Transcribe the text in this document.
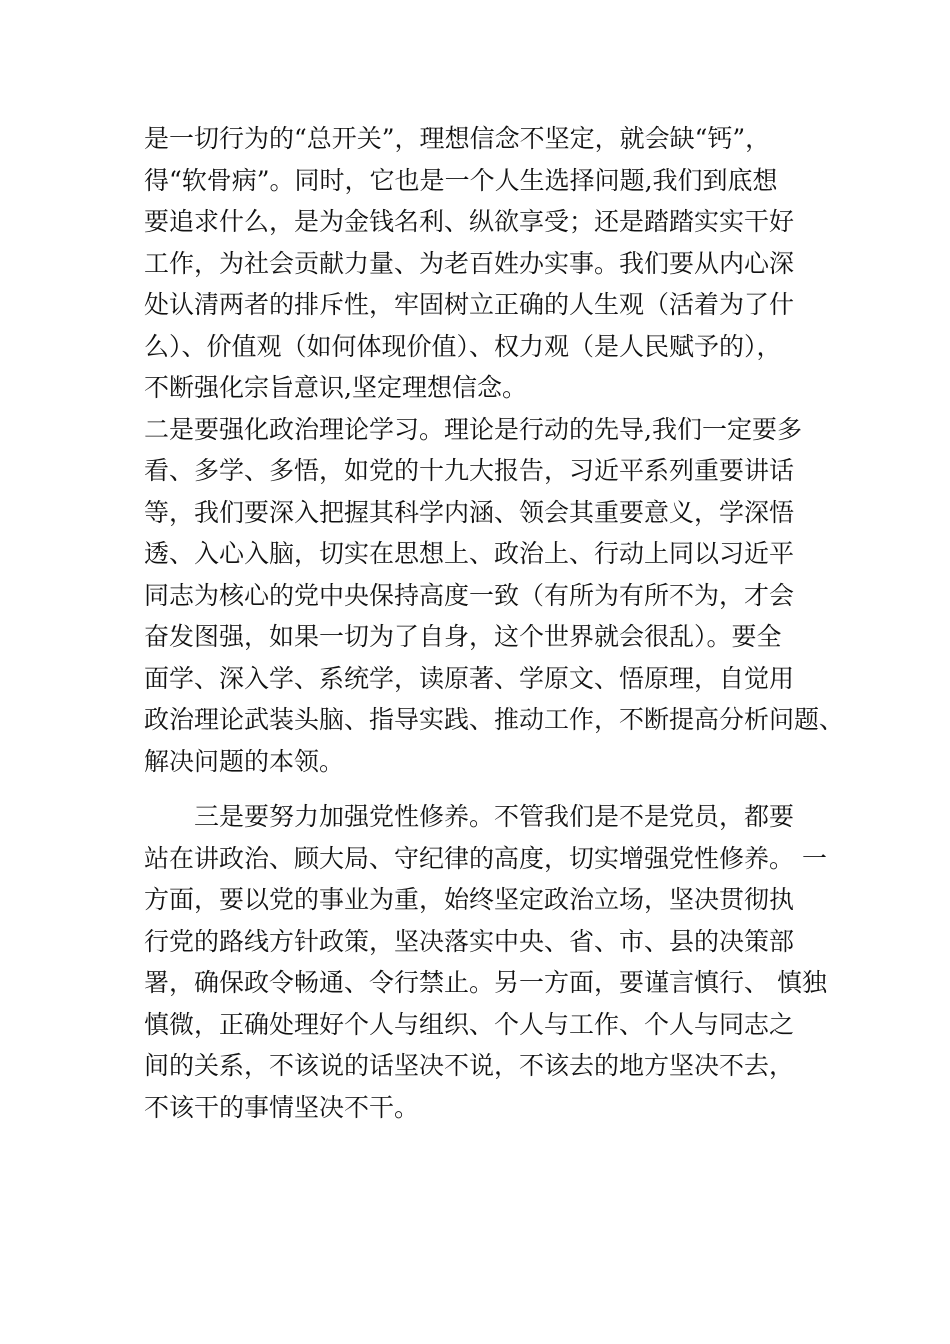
是一切行为的“总开关”，理想信念不坚定，就会缺“钙”，
得“软骨病”。同时，它也是一个人生选择问题,我们到底想
要追求什么，是为金钱名利、纵欲享受；还是踏踏实实干好
工作，为社会贡献力量、为老百姓办实事。我们要从内心深
处认清两者的排斥性，牢固树立正确的人生观（活着为了什
么）、价值观（如何体现价值）、权力观（是人民赋予的），
不断强化宗旨意识,坚定理想信念。
二是要强化政治理论学习。理论是行动的先导,我们一定要多
看、多学、多悟，如党的十九大报告，习近平系列重要讲话
等，我们要深入把握其科学内涵、领会其重要意义，学深悟
透、入心入脑，切实在思想上、政治上、行动上同以习近平
同志为核心的党中央保持高度一致（有所为有所不为，才会
奋发图强，如果一切为了自身，这个世界就会很乱）。要全
面学、深入学、系统学，读原著、学原文、悟原理，自觉用
政治理论武装头脑、指导实践、推动工作，不断提高分析问题、
解决问题的本领。
　　三是要努力加强党性修养。不管我们是不是党员，都要
站在讲政治、顾大局、守纪律的高度，切实增强党性修养。 一
方面，要以党的事业为重，始终坚定政治立场，坚决贯彻执
行党的路线方针政策，坚决落实中央、省、市、县的决策部
署，确保政令畅通、令行禁止。另一方面，要谨言慎行、 慎独
慎微，正确处理好个人与组织、个人与工作、个人与同志之
间的关系，不该说的话坚决不说，不该去的地方坚决不去，
不该干的事情坚决不干。
